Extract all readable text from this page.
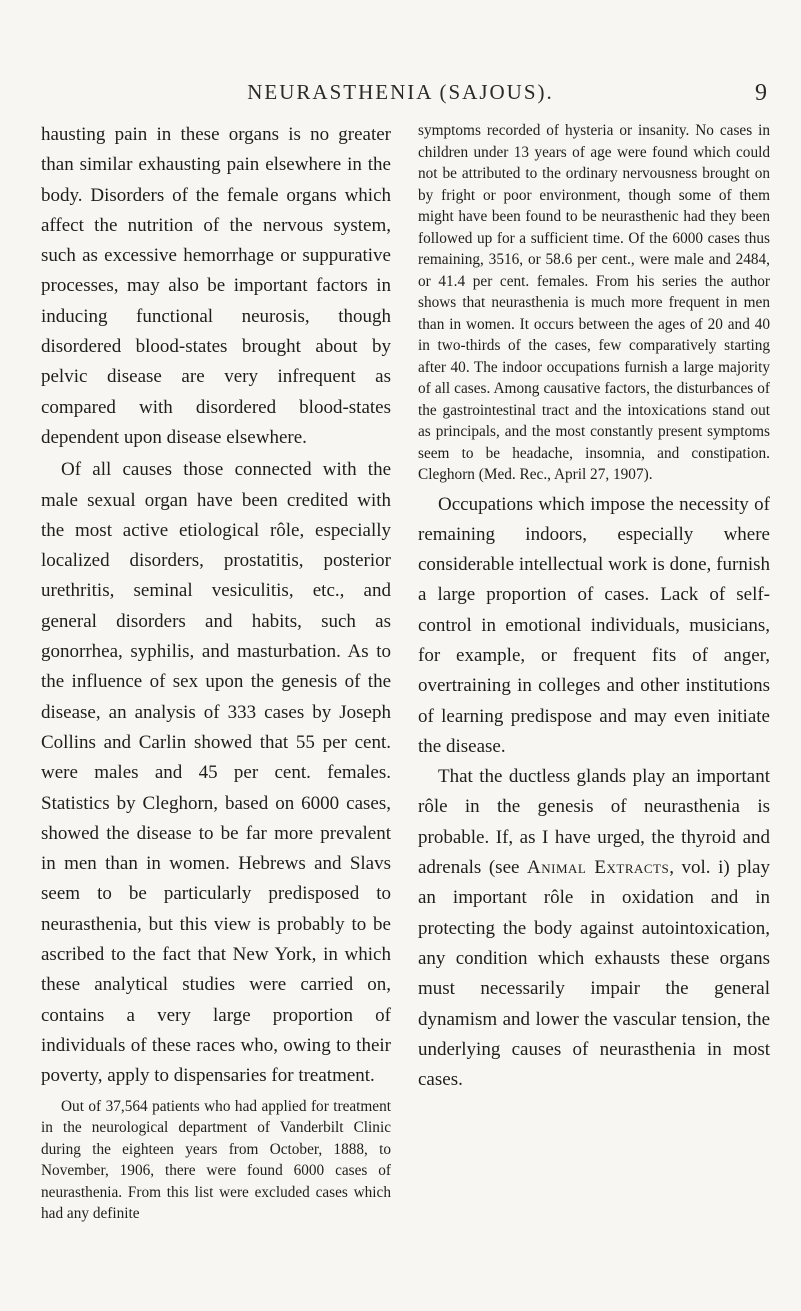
NEURASTHENIA (SAJOUS).	9

hausting pain in these organs is no greater than similar exhausting pain elsewhere in the body. Disorders of the female organs which affect the nutrition of the nervous system, such as excessive hemorrhage or suppurative processes, may also be important factors in inducing functional neurosis, though disordered blood-states brought about by pelvic disease are very infrequent as compared with disordered blood-states dependent upon disease elsewhere.

Of all causes those connected with the male sexual organ have been credited with the most active etiological rôle, especially localized disorders, prostatitis, posterior urethritis, seminal vesiculitis, etc., and general disorders and habits, such as gonorrhea, syphilis, and masturbation. As to the influence of sex upon the genesis of the disease, an analysis of 333 cases by Joseph Collins and Carlin showed that 55 per cent. were males and 45 per cent. females. Statistics by Cleghorn, based on 6000 cases, showed the disease to be far more prevalent in men than in women. Hebrews and Slavs seem to be particularly predisposed to neurasthenia, but this view is probably to be ascribed to the fact that New York, in which these analytical studies were carried on, contains a very large proportion of individuals of these races who, owing to their poverty, apply to dispensaries for treatment.

Out of 37,564 patients who had applied for treatment in the neurological department of Vanderbilt Clinic during the eighteen years from October, 1888, to November, 1906, there were found 6000 cases of neurasthenia. From this list were excluded cases which had any definite

symptoms recorded of hysteria or insanity. No cases in children under 13 years of age were found which could not be attributed to the ordinary nervousness brought on by fright or poor environment, though some of them might have been found to be neurasthenic had they been followed up for a sufficient time. Of the 6000 cases thus remaining, 3516, or 58.6 per cent., were male and 2484, or 41.4 per cent. females. From his series the author shows that neurasthenia is much more frequent in men than in women. It occurs between the ages of 20 and 40 in two-thirds of the cases, few comparatively starting after 40. The indoor occupations furnish a large majority of all cases. Among causative factors, the disturbances of the gastrointestinal tract and the intoxications stand out as principals, and the most constantly present symptoms seem to be headache, insomnia, and constipation. Cleghorn (Med. Rec., April 27, 1907).

Occupations which impose the necessity of remaining indoors, especially where considerable intellectual work is done, furnish a large proportion of cases. Lack of self-control in emotional individuals, musicians, for example, or frequent fits of anger, overtraining in colleges and other institutions of learning predispose and may even initiate the disease.

That the ductless glands play an important rôle in the genesis of neurasthenia is probable. If, as I have urged, the thyroid and adrenals (see Animal Extracts, vol. i) play an important rôle in oxidation and in protecting the body against autointoxication, any condition which exhausts these organs must necessarily impair the general dynamism and lower the vascular tension, the underlying causes of neurasthenia in most cases.
